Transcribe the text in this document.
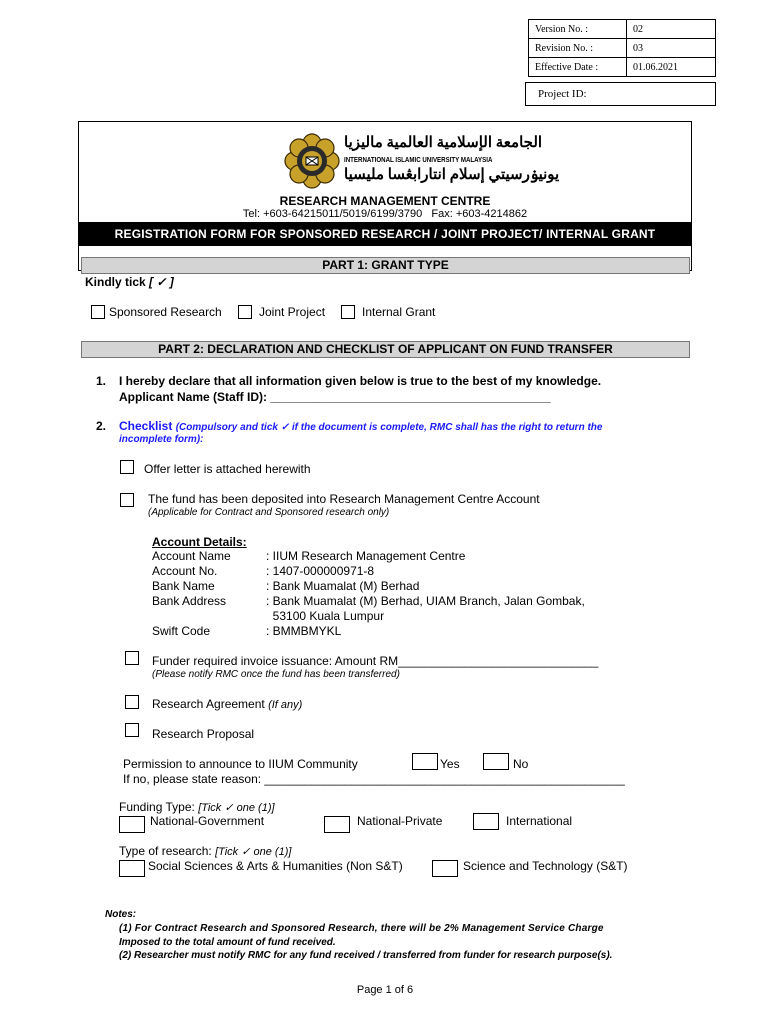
Version No. :	02
Revision No. :	03
Effective Date :	01.06.2021
Project ID:
الجامعة الإسلامية العالمية ماليزيا
INTERNATIONAL ISLAMIC UNIVERSITY MALAYSIA
يونيۏرسيتي إسلام انتارابڠسا مليسيا
RESEARCH MANAGEMENT CENTRE
Tel: +603-64215011/5019/6199/3790   Fax: +603-4214862
REGISTRATION FORM FOR SPONSORED RESEARCH / JOINT PROJECT/ INTERNAL GRANT
PART 1: GRANT TYPE
Kindly tick [ ✓ ]
Sponsored Research	Joint Project	Internal Grant
PART 2: DECLARATION AND CHECKLIST OF APPLICANT ON FUND TRANSFER
1. I hereby declare that all information given below is true to the best of my knowledge.
Applicant Name (Staff ID): __________________________________________
2. Checklist (Compulsory and tick ✓ if the document is complete, RMC shall has the right to return the
incomplete form):
Offer letter is attached herewith
The fund has been deposited into Research Management Centre Account
(Applicable for Contract and Sponsored research only)
Account Details:
Account Name	: IIUM Research Management Centre
Account No.	: 1407-000000971-8
Bank Name	: Bank Muamalat (M) Berhad
Bank Address	: Bank Muamalat (M) Berhad, UIAM Branch, Jalan Gombak,
53100 Kuala Lumpur
Swift Code	: BMMBMYKL
Funder required invoice issuance: Amount RM______________________________
(Please notify RMC once the fund has been transferred)
Research Agreement (If any)
Research Proposal
Permission to announce to IIUM Community	Yes	No
If no, please state reason: ______________________________________________________
Funding Type: [Tick ✓ one (1)]
National-Government	National-Private	International
Type of research: [Tick ✓ one (1)]
Social Sciences & Arts & Humanities (Non S&T)	Science and Technology (S&T)
Notes:
(1) For Contract Research and Sponsored Research, there will be 2% Management Service Charge
Imposed to the total amount of fund received.
(2) Researcher must notify RMC for any fund received / transferred from funder for research purpose(s).
Page 1 of 6
